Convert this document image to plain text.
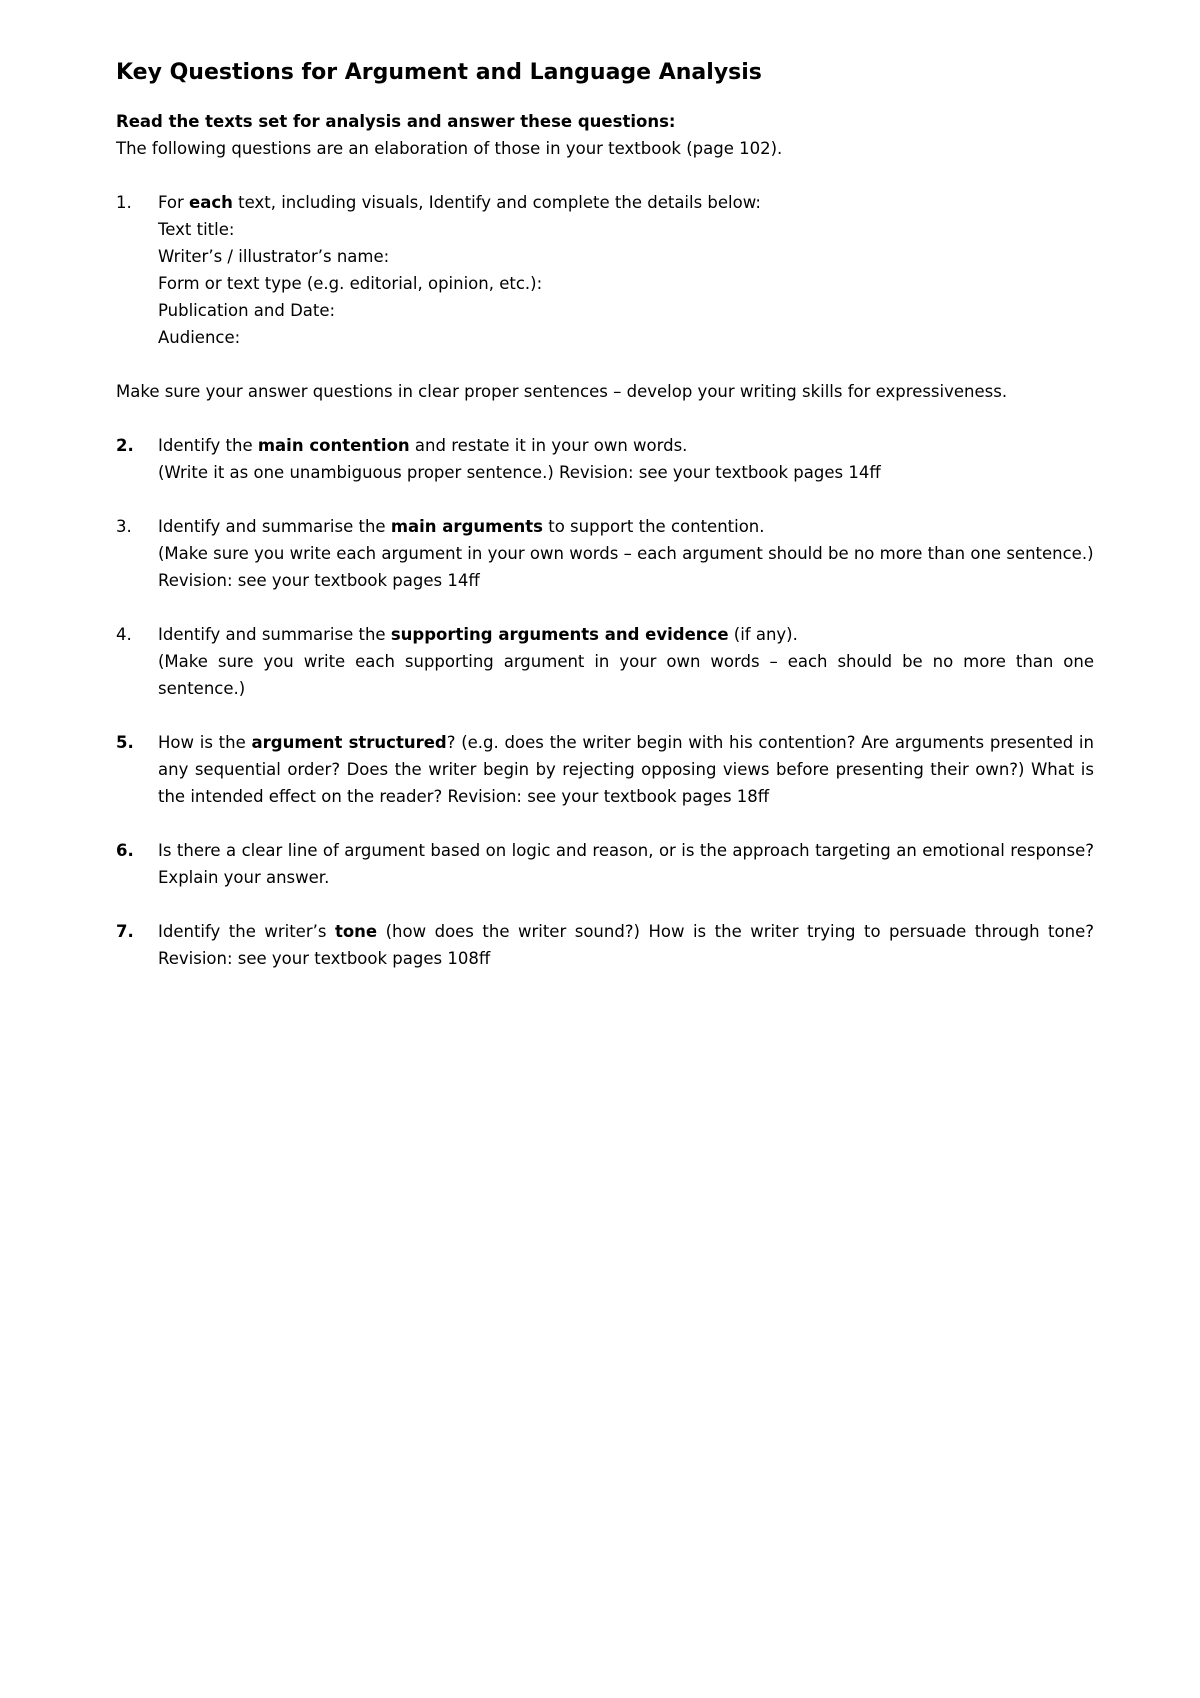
Key Questions for Argument and Language Analysis

Read the texts set for analysis and answer these questions:

The following questions are an elaboration of those in your textbook (page 102).

1.	For each text, including visuals, Identify and complete the details below:
Text title:
Writer’s / illustrator’s name:
Form or text type (e.g. editorial, opinion, etc.):
Publication and Date:
Audience:

Make sure your answer questions in clear proper sentences – develop your writing skills for expressiveness.

2.	Identify the main contention and restate it in your own words.
(Write it as one unambiguous proper sentence.) Revision: see your textbook pages 14ff
3.	Identify and summarise the main arguments to support the contention.
(Make sure you write each argument in your own words – each argument should be no more than one sentence.) Revision: see your textbook pages 14ff
4.	Identify and summarise the supporting arguments and evidence (if any).
(Make sure you write each supporting argument in your own words – each should be no more than one sentence.)
5.	How is the argument structured? (e.g. does the writer begin with his contention? Are arguments presented in any sequential order? Does the writer begin by rejecting opposing views before presenting their own?) What is the intended effect on the reader? Revision: see your textbook pages 18ff
6.	Is there a clear line of argument based on logic and reason, or is the approach targeting an emotional response? Explain your answer.
7.	Identify the writer’s tone (how does the writer sound?) How is the writer trying to persuade through tone? Revision: see your textbook pages 108ff
